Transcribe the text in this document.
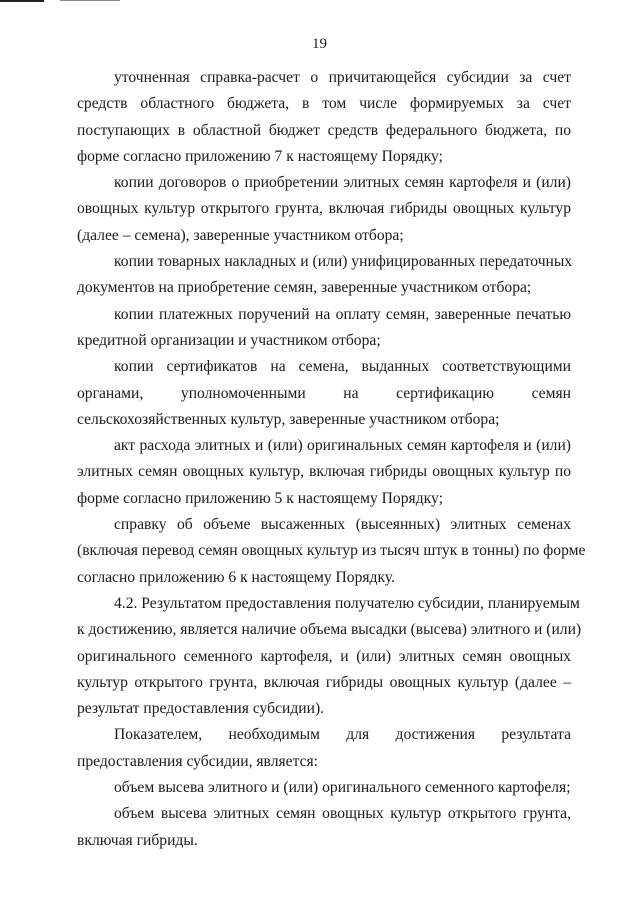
19
уточненная справка-расчет о причитающейся субсидии за счет
средств областного бюджета, в том числе формируемых за счет
поступающих в областной бюджет средств федерального бюджета, по
форме согласно приложению 7 к настоящему Порядку;
копии договоров о приобретении элитных семян картофеля и (или)
овощных культур открытого грунта, включая гибриды овощных культур
(далее – семена), заверенные участником отбора;
копии товарных накладных и (или) унифицированных передаточных
документов на приобретение семян, заверенные участником отбора;
копии платежных поручений на оплату семян, заверенные печатью
кредитной организации и участником отбора;
копии сертификатов на семена, выданных соответствующими
органами, уполномоченными на сертификацию семян
сельскохозяйственных культур, заверенные участником отбора;
акт расхода элитных и (или) оригинальных семян картофеля и (или)
элитных семян овощных культур, включая гибриды овощных культур по
форме согласно приложению 5 к настоящему Порядку;
справку об объеме высаженных (высеянных) элитных семенах
(включая перевод семян овощных культур из тысяч штук в тонны) по форме
согласно приложению 6 к настоящему Порядку.
4.2. Результатом предоставления получателю субсидии, планируемым
к достижению, является наличие объема высадки (высева) элитного и (или)
оригинального семенного картофеля, и (или) элитных семян овощных
культур открытого грунта, включая гибриды овощных культур (далее –
результат предоставления субсидии).
Показателем, необходимым для достижения результата
предоставления субсидии, является:
объем высева элитного и (или) оригинального семенного картофеля;
объем высева элитных семян овощных культур открытого грунта,
включая гибриды.
